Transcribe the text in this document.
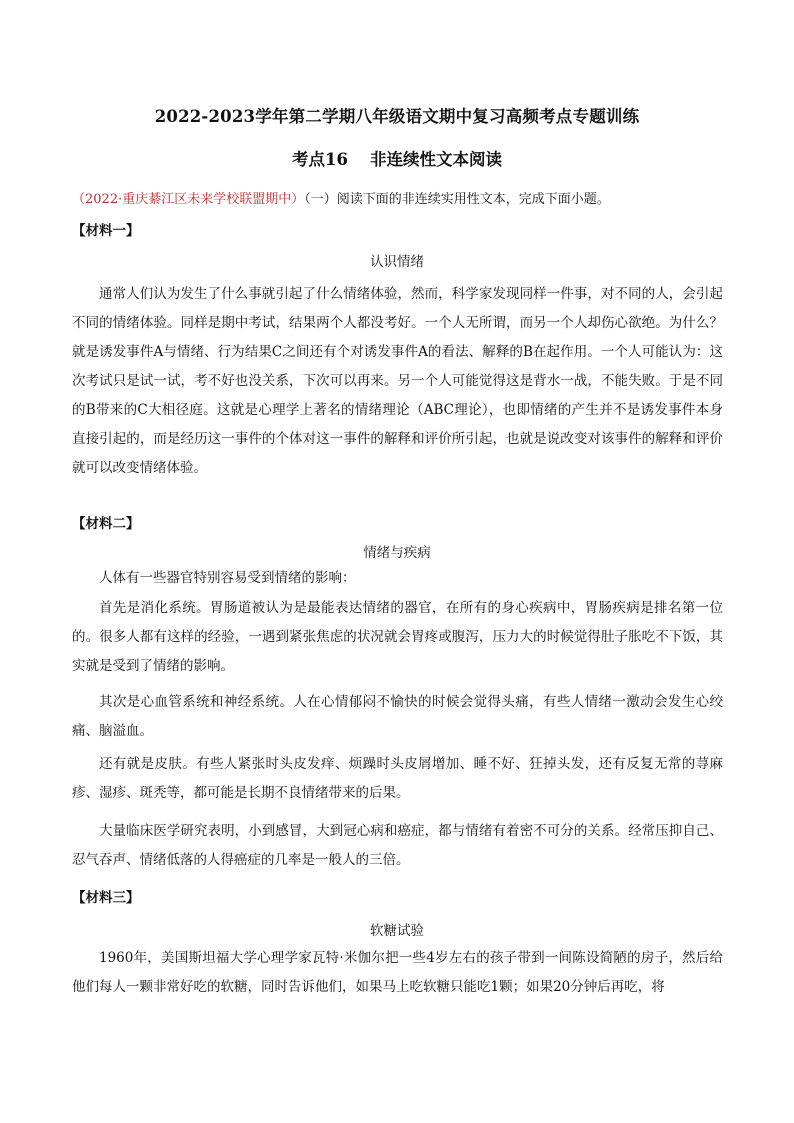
2022-2023学年第二学期八年级语文期中复习高频考点专题训练
考点16 非连续性文本阅读
（2022·重庆綦江区未来学校联盟期中）（一）阅读下面的非连续实用性文本，完成下面小题。
【材料一】
认识情绪

通常人们认为发生了什么事就引起了什么情绪体验，然而，科学家发现同样一件事，对不同的人，会引起不同的情绪体验。同样是期中考试，结果两个人都没考好。一个人无所谓，而另一个人却伤心欲绝。为什么？就是诱发事件A与情绪、行为结果C之间还有个对诱发事件A的看法、解释的B在起作用。一个人可能认为：这次考试只是试一试，考不好也没关系，下次可以再来。另一个人可能觉得这是背水一战，不能失败。于是不同的B带来的C大相径庭。这就是心理学上著名的情绪理论（ABC理论），也即情绪的产生并不是诱发事件本身直接引起的，而是经历这一事件的个体对这一事件的解释和评价所引起，也就是说改变对该事件的解释和评价就可以改变情绪体验。

【材料二】
情绪与疾病

人体有一些器官特别容易受到情绪的影响：

首先是消化系统。胃肠道被认为是最能表达情绪的器官，在所有的身心疾病中，胃肠疾病是排名第一位的。很多人都有这样的经验，一遇到紧张焦虑的状况就会胃疼或腹泻，压力大的时候觉得肚子胀吃不下饭，其实就是受到了情绪的影响。

其次是心血管系统和神经系统。人在心情郁闷不愉快的时候会觉得头痛，有些人情绪一激动会发生心绞痛、脑溢血。

还有就是皮肤。有些人紧张时头皮发痒、烦躁时头皮屑增加、睡不好、狂掉头发，还有反复无常的荨麻疹、湿疹、斑秃等，都可能是长期不良情绪带来的后果。

大量临床医学研究表明，小到感冒，大到冠心病和癌症，都与情绪有着密不可分的关系。经常压抑自己、忍气吞声、情绪低落的人得癌症的几率是一般人的三倍。

【材料三】
软糖试验

1960年，美国斯坦福大学心理学家瓦特·米伽尔把一些4岁左右的孩子带到一间陈设简陋的房子，然后给他们每人一颗非常好吃的软糖，同时告诉他们，如果马上吃软糖只能吃1颗；如果20分钟后再吃，将
